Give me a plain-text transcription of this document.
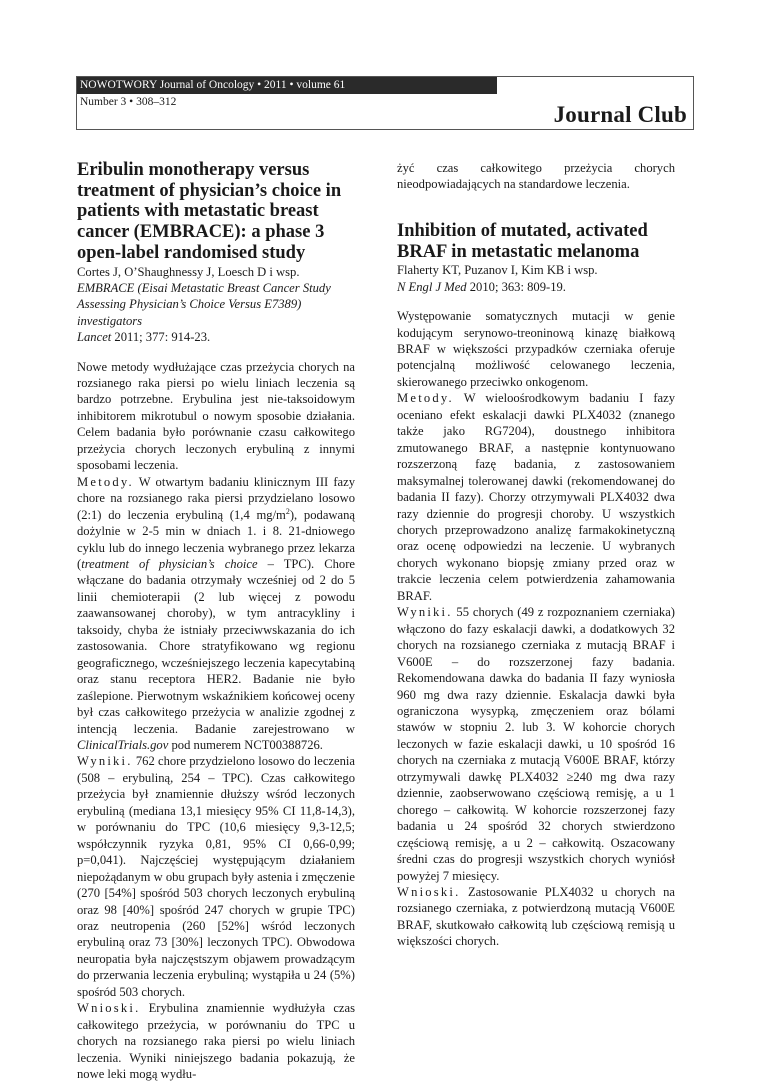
NOWOTWORY Journal of Oncology • 2011 • volume 61
Number 3 • 308–312	Journal Club
Eribulin monotherapy versus treatment of physician’s choice in patients with metastatic breast cancer (EMBRACE): a phase 3 open-label randomised study

Cortes J, O’Shaughnessy J, Loesch D i wsp.

EMBRACE (Eisai Metastatic Breast Cancer Study Assessing Physician’s Choice Versus E7389) investigators

Lancet 2011; 377: 914-23.

Nowe metody wydłużające czas przeżycia chorych na rozsianego raka piersi po wielu liniach leczenia są bardzo potrzebne. Erybulina jest nie-taksoidowym inhibitorem mikrotubul o nowym sposobie działania. Celem badania było porównanie czasu całkowitego przeżycia chorych leczonych erybuliną z innymi sposobami leczenia.

Metody. W otwartym badaniu klinicznym III fazy chore na rozsianego raka piersi przydzielano losowo (2:1) do leczenia erybuliną (1,4 $mg/m^2$), podawaną dożylnie w 2-5 min w dniach 1. i 8. 21-dniowego cyklu lub do innego leczenia wybranego przez lekarza (treatment of physician’s choice – TPC). Chore włączane do badania otrzymały wcześniej od 2 do 5 linii chemioterapii (2 lub więcej z powodu zaawansowanej choroby), w tym antracykliny i taksoidy, chyba że istniały przeciwwskazania do ich zastosowania. Chore stratyfikowano wg regionu geograficznego, wcześniejszego leczenia kapecytabiną oraz stanu receptora HER2. Badanie nie było zaślepione. Pierwotnym wskaźnikiem końcowej oceny był czas całkowitego przeżycia w analizie zgodnej z intencją leczenia. Badanie zarejestrowano w ClinicalTrials.gov pod numerem NCT00388726.

Wyniki. 762 chore przydzielono losowo do leczenia (508 – erybuliną, 254 – TPC). Czas całkowitego przeżycia był znamiennie dłuższy wśród leczonych erybuliną (mediana 13,1 miesięcy 95% CI 11,8-14,3), w porównaniu do TPC (10,6 miesięcy 9,3-12,5; współczynnik ryzyka 0,81, 95% CI 0,66-0,99; p=0,041). Najczęściej występującym działaniem niepożądanym w obu grupach były astenia i zmęczenie (270 [54%] spośród 503 chorych leczonych erybuliną oraz 98 [40%] spośród 247 chorych w grupie TPC) oraz neutropenia (260 [52%] wśród leczonych erybuliną oraz 73 [30%] leczonych TPC). Obwodowa neuropatia była najczęstszym objawem prowadzącym do przerwania leczenia erybuliną; wystąpiła u 24 (5%) spośród 503 chorych.

Wnioski. Erybulina znamiennie wydłużyła czas całkowitego przeżycia, w porównaniu do TPC u chorych na rozsianego raka piersi po wielu liniach leczenia. Wyniki niniejszego badania pokazują, że nowe leki mogą wydłu-

żyć czas całkowitego przeżycia chorych nieodpowiadających na standardowe leczenia.

Inhibition of mutated, activated BRAF in metastatic melanoma

Flaherty KT, Puzanov I, Kim KB i wsp.

N Engl J Med 2010; 363: 809-19.

Występowanie somatycznych mutacji w genie kodującym serynowo-treoninową kinazę białkową BRAF w większości przypadków czerniaka oferuje potencjalną możliwość celowanego leczenia, skierowanego przeciwko onkogenom.

Metody. W wieloośrodkowym badaniu I fazy oceniano efekt eskalacji dawki PLX4032 (znanego także jako RG7204), doustnego inhibitora zmutowanego BRAF, a następnie kontynuowano rozszerzoną fazę badania, z zastosowaniem maksymalnej tolerowanej dawki (rekomendowanej do badania II fazy). Chorzy otrzymywali PLX4032 dwa razy dziennie do progresji choroby. U wszystkich chorych przeprowadzono analizę farmakokinetyczną oraz ocenę odpowiedzi na leczenie. U wybranych chorych wykonano biopsję zmiany przed oraz w trakcie leczenia celem potwierdzenia zahamowania BRAF.

Wyniki. 55 chorych (49 z rozpoznaniem czerniaka) włączono do fazy eskalacji dawki, a dodatkowych 32 chorych na rozsianego czerniaka z mutacją BRAF i V600E – do rozszerzonej fazy badania. Rekomendowana dawka do badania II fazy wyniosła 960 mg dwa razy dziennie. Eskalacja dawki była ograniczona wysypką, zmęczeniem oraz bólami stawów w stopniu 2. lub 3. W kohorcie chorych leczonych w fazie eskalacji dawki, u 10 spośród 16 chorych na czerniaka z mutacją V600E BRAF, którzy otrzymywali dawkę PLX4032 ≥240 mg dwa razy dziennie, zaobserwowano częściową remisję, a u 1 chorego – całkowitą. W kohorcie rozszerzonej fazy badania u 24 spośród 32 chorych stwierdzono częściową remisję, a u 2 – całkowitą. Oszacowany średni czas do progresji wszystkich chorych wyniósł powyżej 7 miesięcy.

Wnioski. Zastosowanie PLX4032 u chorych na rozsianego czerniaka, z potwierdzoną mutacją V600E BRAF, skutkowało całkowitą lub częściową remisją u większości chorych.
